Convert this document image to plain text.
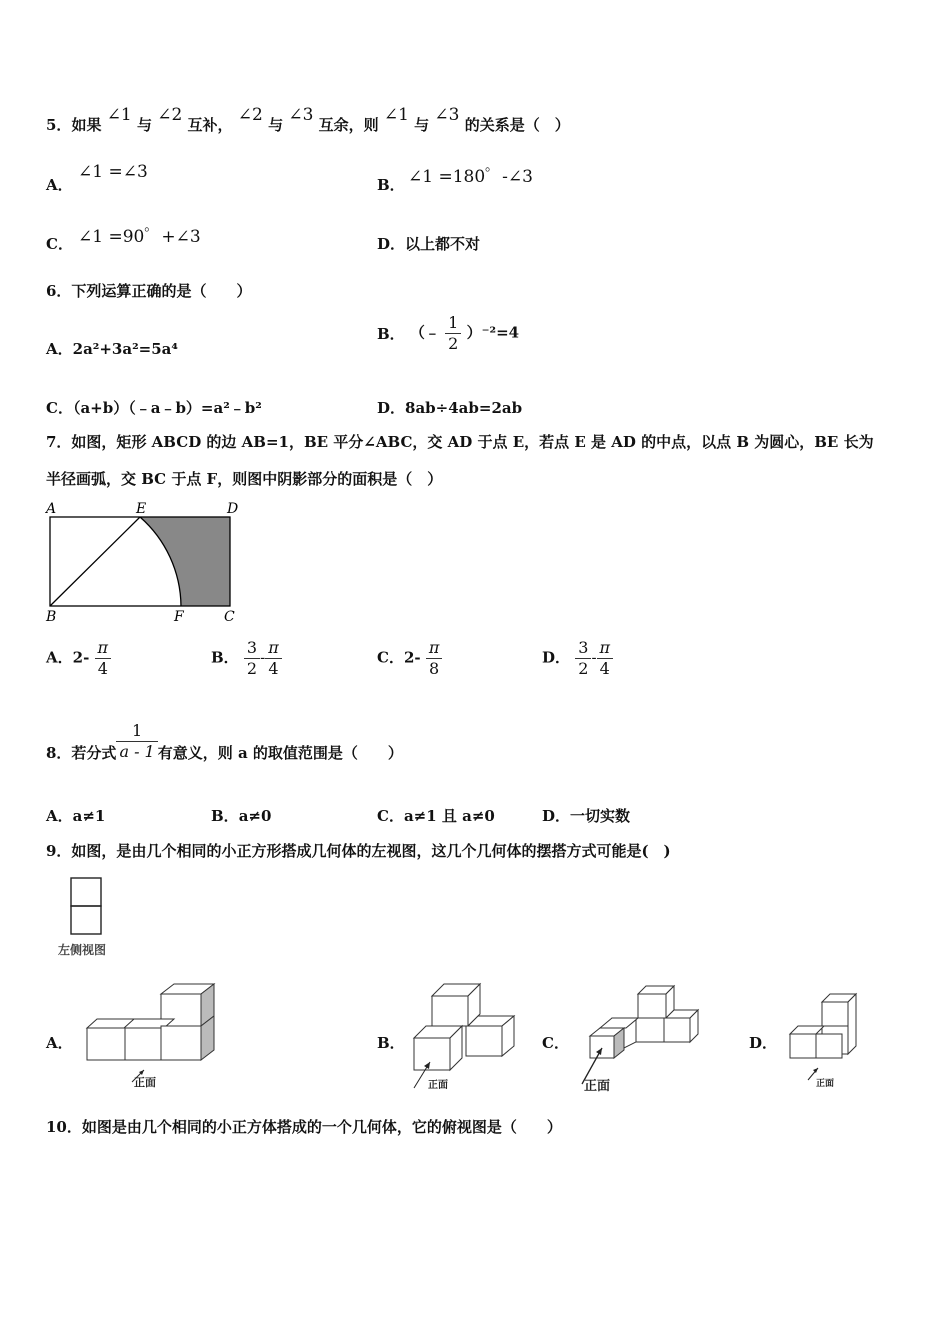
5．如果 ∠1 与 ∠2 互补， ∠2 与 ∠3 互余，则 ∠1 与 ∠3 的关系是（　）
A．
∠1 =∠3
B． ∠1 =180゜-∠3
C． ∠1 =90゜+∠3	D．以上都不对
6．下列运算正确的是（　　）
A．2a²+3a²=5a⁴
B． （﹣ $\frac{1}{2} )^{-2}=4$
C．（a+b）（﹣a﹣b）=a²﹣b²	D．8ab÷4ab=2ab
7．如图，矩形 ABCD 的边 AB=1，BE 平分∠ABC，交 AD 于点 E，若点 E 是 AD 的中点，以点 B 为圆心，BE 长为
半径画弧，交 BC 于点 F，则图中阴影部分的面积是（　）
A	E	D
B	F	C
A．$2- \frac{\pi}{4}$	B． $\frac{3}{2} - \frac{\pi}{4}$	C．$2- \frac{\pi}{8}$	D． $\frac{3}{2} - \frac{\pi}{4}$
8．若分式 $\frac{1}{a - 1}$ 有意义，则 a 的取值范围是（　　）
A．a≠1	B．a≠0	C．a≠1 且 a≠0	D．一切实数
9．如图，是由几个相同的小正方形搭成几何体的左视图，这几个几何体的摆搭方式可能是(　)
左侧视图
A．
正面
B．
正面
C．
正面
D．
正面
10．如图是由几个相同的小正方体搭成的一个几何体，它的俯视图是（　　）
